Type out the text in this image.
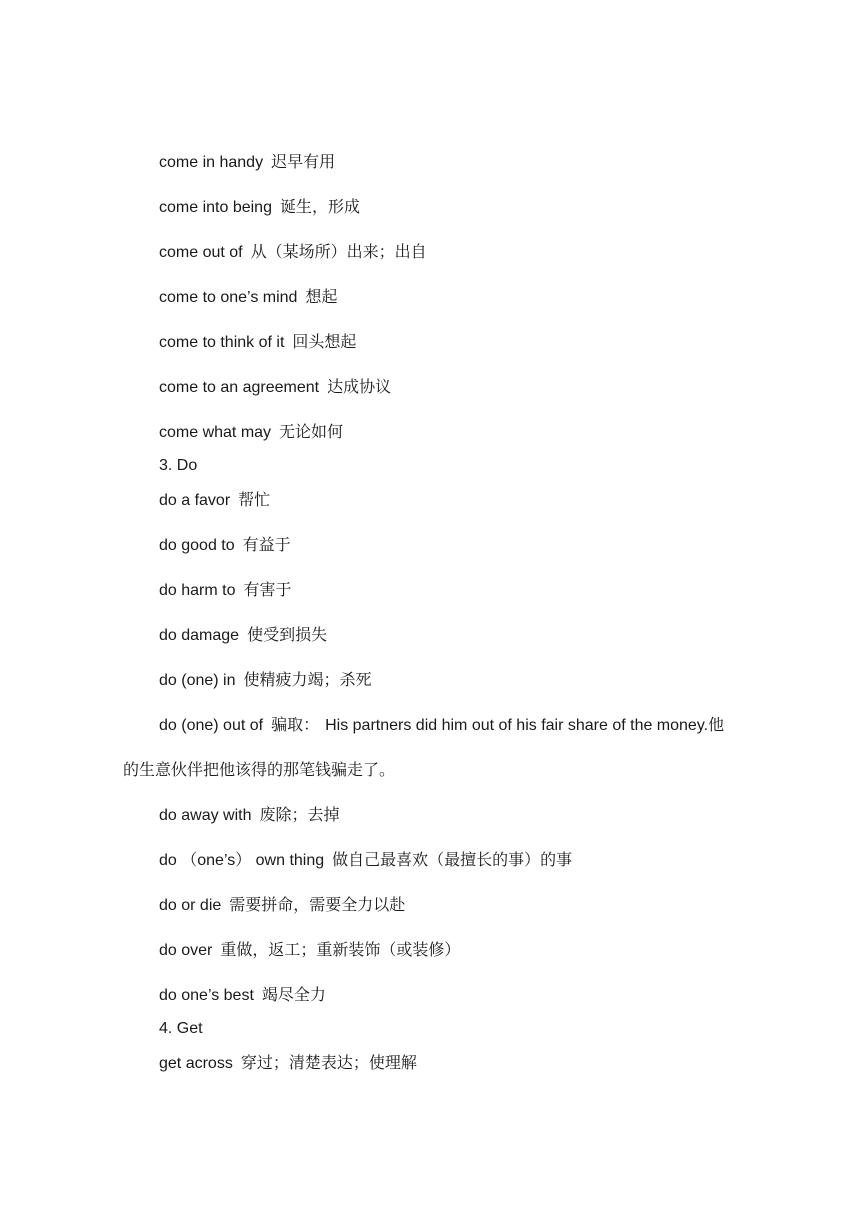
come in handy 迟早有用
come into being 诞生，形成
come out of 从（某场所）出来；出自
come to one’s mind 想起
come to think of it 回头想起
come to an agreement 达成协议
come what may 无论如何
3. Do
do a favor 帮忙
do good to 有益于
do harm to 有害于
do damage 使受到损失
do (one) in 使精疲力竭；杀死
do (one) out of 骗取： His partners did him out of his fair share of the money.他
的生意伙伴把他该得的那笔钱骗走了。
do away with 废除；去掉
do （one’s） own thing 做自己最喜欢（最擅长的事）的事
do or die 需要拼命，需要全力以赴
do over 重做，返工；重新装饰（或装修）
do one’s best 竭尽全力
4. Get
get across 穿过；清楚表达；使理解
